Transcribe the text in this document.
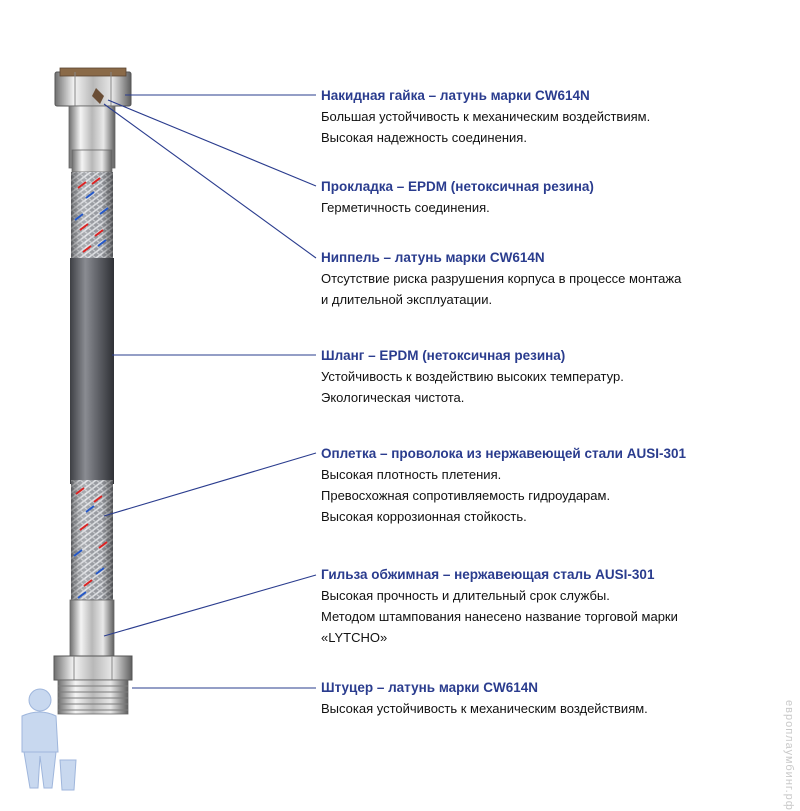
Накидная гайка – латунь марки CW614N
Большая устойчивость к механическим воздействиям.
Высокая надежность соединения.
Прокладка – EPDM (нетоксичная резина)
Герметичность соединения.
Ниппель – латунь марки CW614N
Отсутствие риска разрушения корпуса в процессе монтажа
и длительной эксплуатации.
Шланг – EPDM (нетоксичная резина)
Устойчивость к воздействию высоких температур.
Экологическая чистота.
Оплетка – проволока из нержавеющей стали AUSI-301
Высокая плотность плетения.
Превосхожная сопротивляемость гидроударам.
Высокая коррозионная стойкость.
Гильза обжимная – нержавеющая сталь AUSI-301
Высокая прочность и длительный срок службы.
Методом штампования нанесено название торговой марки
«LYTCHO»
Штуцер – латунь марки CW614N
Высокая устойчивость к механическим воздействиям.	европлаумбинг.рф
